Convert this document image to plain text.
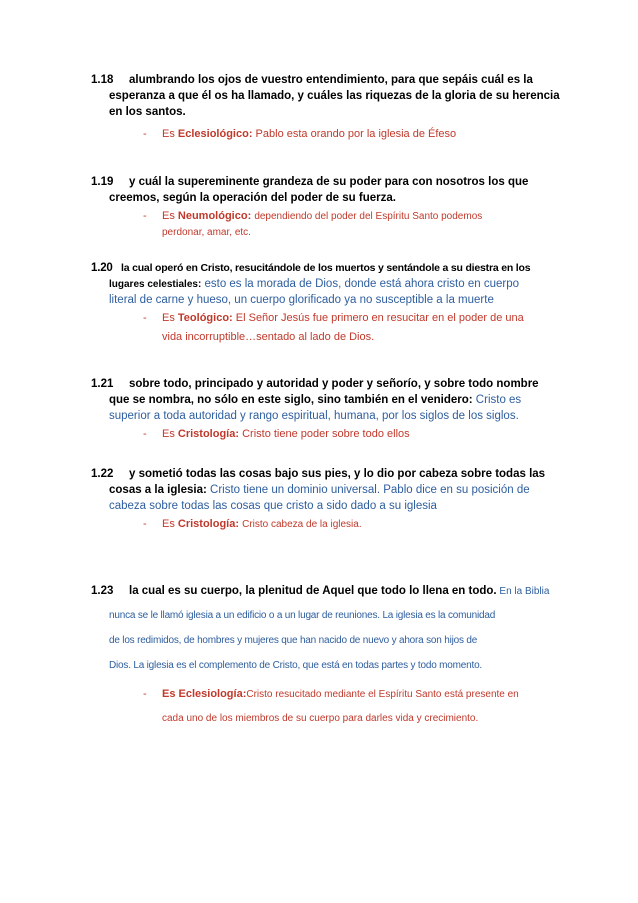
1.18 alumbrando los ojos de vuestro entendimiento, para que sepáis cuál es la
esperanza a que él os ha llamado, y cuáles las riquezas de la gloria de su herencia
en los santos.
-	Es Eclesiológico: Pablo esta orando por la iglesia de Éfeso
1.19 y cuál la supereminente grandeza de su poder para con nosotros los que
creemos, según la operación del poder de su fuerza.
-	Es Neumológico: dependiendo del poder del Espíritu Santo podemos
perdonar, amar, etc.
1.20 la cual operó en Cristo, resucitándole de los muertos y sentándole a su diestra en los
lugares celestiales: esto es la morada de Dios, donde está ahora cristo en cuerpo
literal de carne y hueso, un cuerpo glorificado ya no susceptible a la muerte
-	Es Teológico: El Señor Jesús fue primero en resucitar en el poder de una
vida incorruptible…sentado al lado de Dios.
1.21 sobre todo, principado y autoridad y poder y señorío, y sobre todo nombre
que se nombra, no sólo en este siglo, sino también en el venidero: Cristo es
superior a toda autoridad y rango espiritual, humana, por los siglos de los siglos.
-	Es Cristología: Cristo tiene poder sobre todo ellos
1.22 y sometió todas las cosas bajo sus pies, y lo dio por cabeza sobre todas las
cosas a la iglesia: Cristo tiene un dominio universal. Pablo dice en su posición de
cabeza sobre todas las cosas que cristo a sido dado a su iglesia
-	Es Cristología: Cristo cabeza de la iglesia.
1.23 la cual es su cuerpo, la plenitud de Aquel que todo lo llena en todo. En la Biblia
nunca se le llamó iglesia a un edificio o a un lugar de reuniones. La iglesia es la comunidad
de los redimidos, de hombres y mujeres que han nacido de nuevo y ahora son hijos de
Dios. La iglesia es el complemento de Cristo, que está en todas partes y todo momento.
-	Es Eclesiología:Cristo resucitado mediante el Espíritu Santo está presente en
cada uno de los miembros de su cuerpo para darles vida y crecimiento.
